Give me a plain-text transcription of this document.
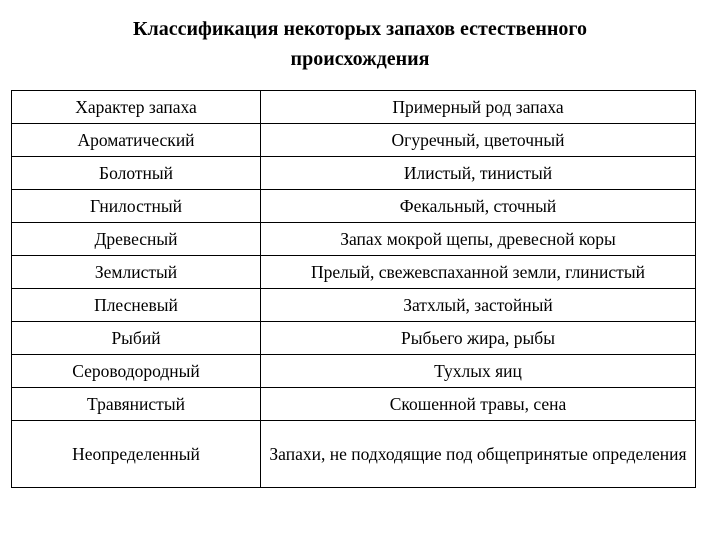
Классификация некоторых запахов естественного
происхождения
Характер запаха	Примерный род запаха
Ароматический	Огуречный, цветочный
Болотный	Илистый, тинистый
Гнилостный	Фекальный, сточный
Древесный	Запах мокрой щепы, древесной коры
Землистый	Прелый, свежевспаханной земли, глинистый
Плесневый	Затхлый, застойный
Рыбий	Рыбьего жира, рыбы
Сероводородный	Тухлых яиц
Травянистый	Скошенной травы, сена
Неопределенный	Запахи, не подходящие под общепринятые определения
